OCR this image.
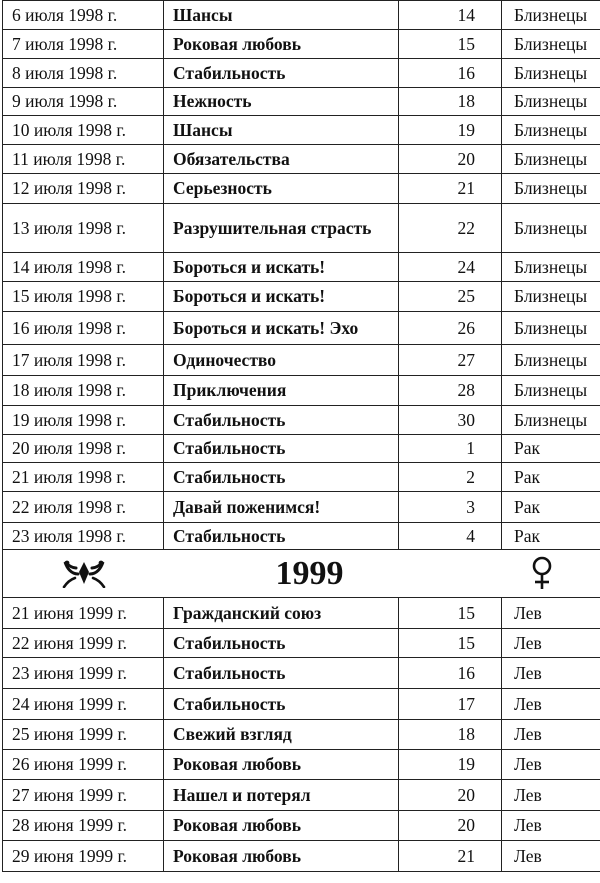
6 июля 1998 г.	Шансы	14	Близнецы
7 июля 1998 г.	Роковая любовь	15	Близнецы
8 июля 1998 г.	Стабильность	16	Близнецы
9 июля 1998 г.	Нежность	18	Близнецы
10 июля 1998 г.	Шансы	19	Близнецы
11 июля 1998 г.	Обязательства	20	Близнецы
12 июля 1998 г.	Серьезность	21	Близнецы
13 июля 1998 г.	Разрушительная страсть	22	Близнецы
14 июля 1998 г.	Бороться и искать!	24	Близнецы
15 июля 1998 г.	Бороться и искать!	25	Близнецы
16 июля 1998 г.	Бороться и искать! Эхо	26	Близнецы
17 июля 1998 г.	Одиночество	27	Близнецы
18 июля 1998 г.	Приключения	28	Близнецы
19 июля 1998 г.	Стабильность	30	Близнецы
20 июля 1998 г.	Стабильность	1	Рак
21 июля 1998 г.	Стабильность	2	Рак
22 июля 1998 г.	Давай поженимся!	3	Рак
23 июля 1998 г.	Стабильность	4	Рак

1999			

21 июня 1999 г.	Гражданский союз	15	Лев
22 июня 1999 г.	Стабильность	15	Лев
23 июня 1999 г.	Стабильность	16	Лев
24 июня 1999 г.	Стабильность	17	Лев
25 июня 1999 г.	Свежий взгляд	18	Лев
26 июня 1999 г.	Роковая любовь	19	Лев
27 июня 1999 г.	Нашел и потерял	20	Лев
28 июня 1999 г.	Роковая любовь	20	Лев
29 июня 1999 г.	Роковая любовь	21	Лев
